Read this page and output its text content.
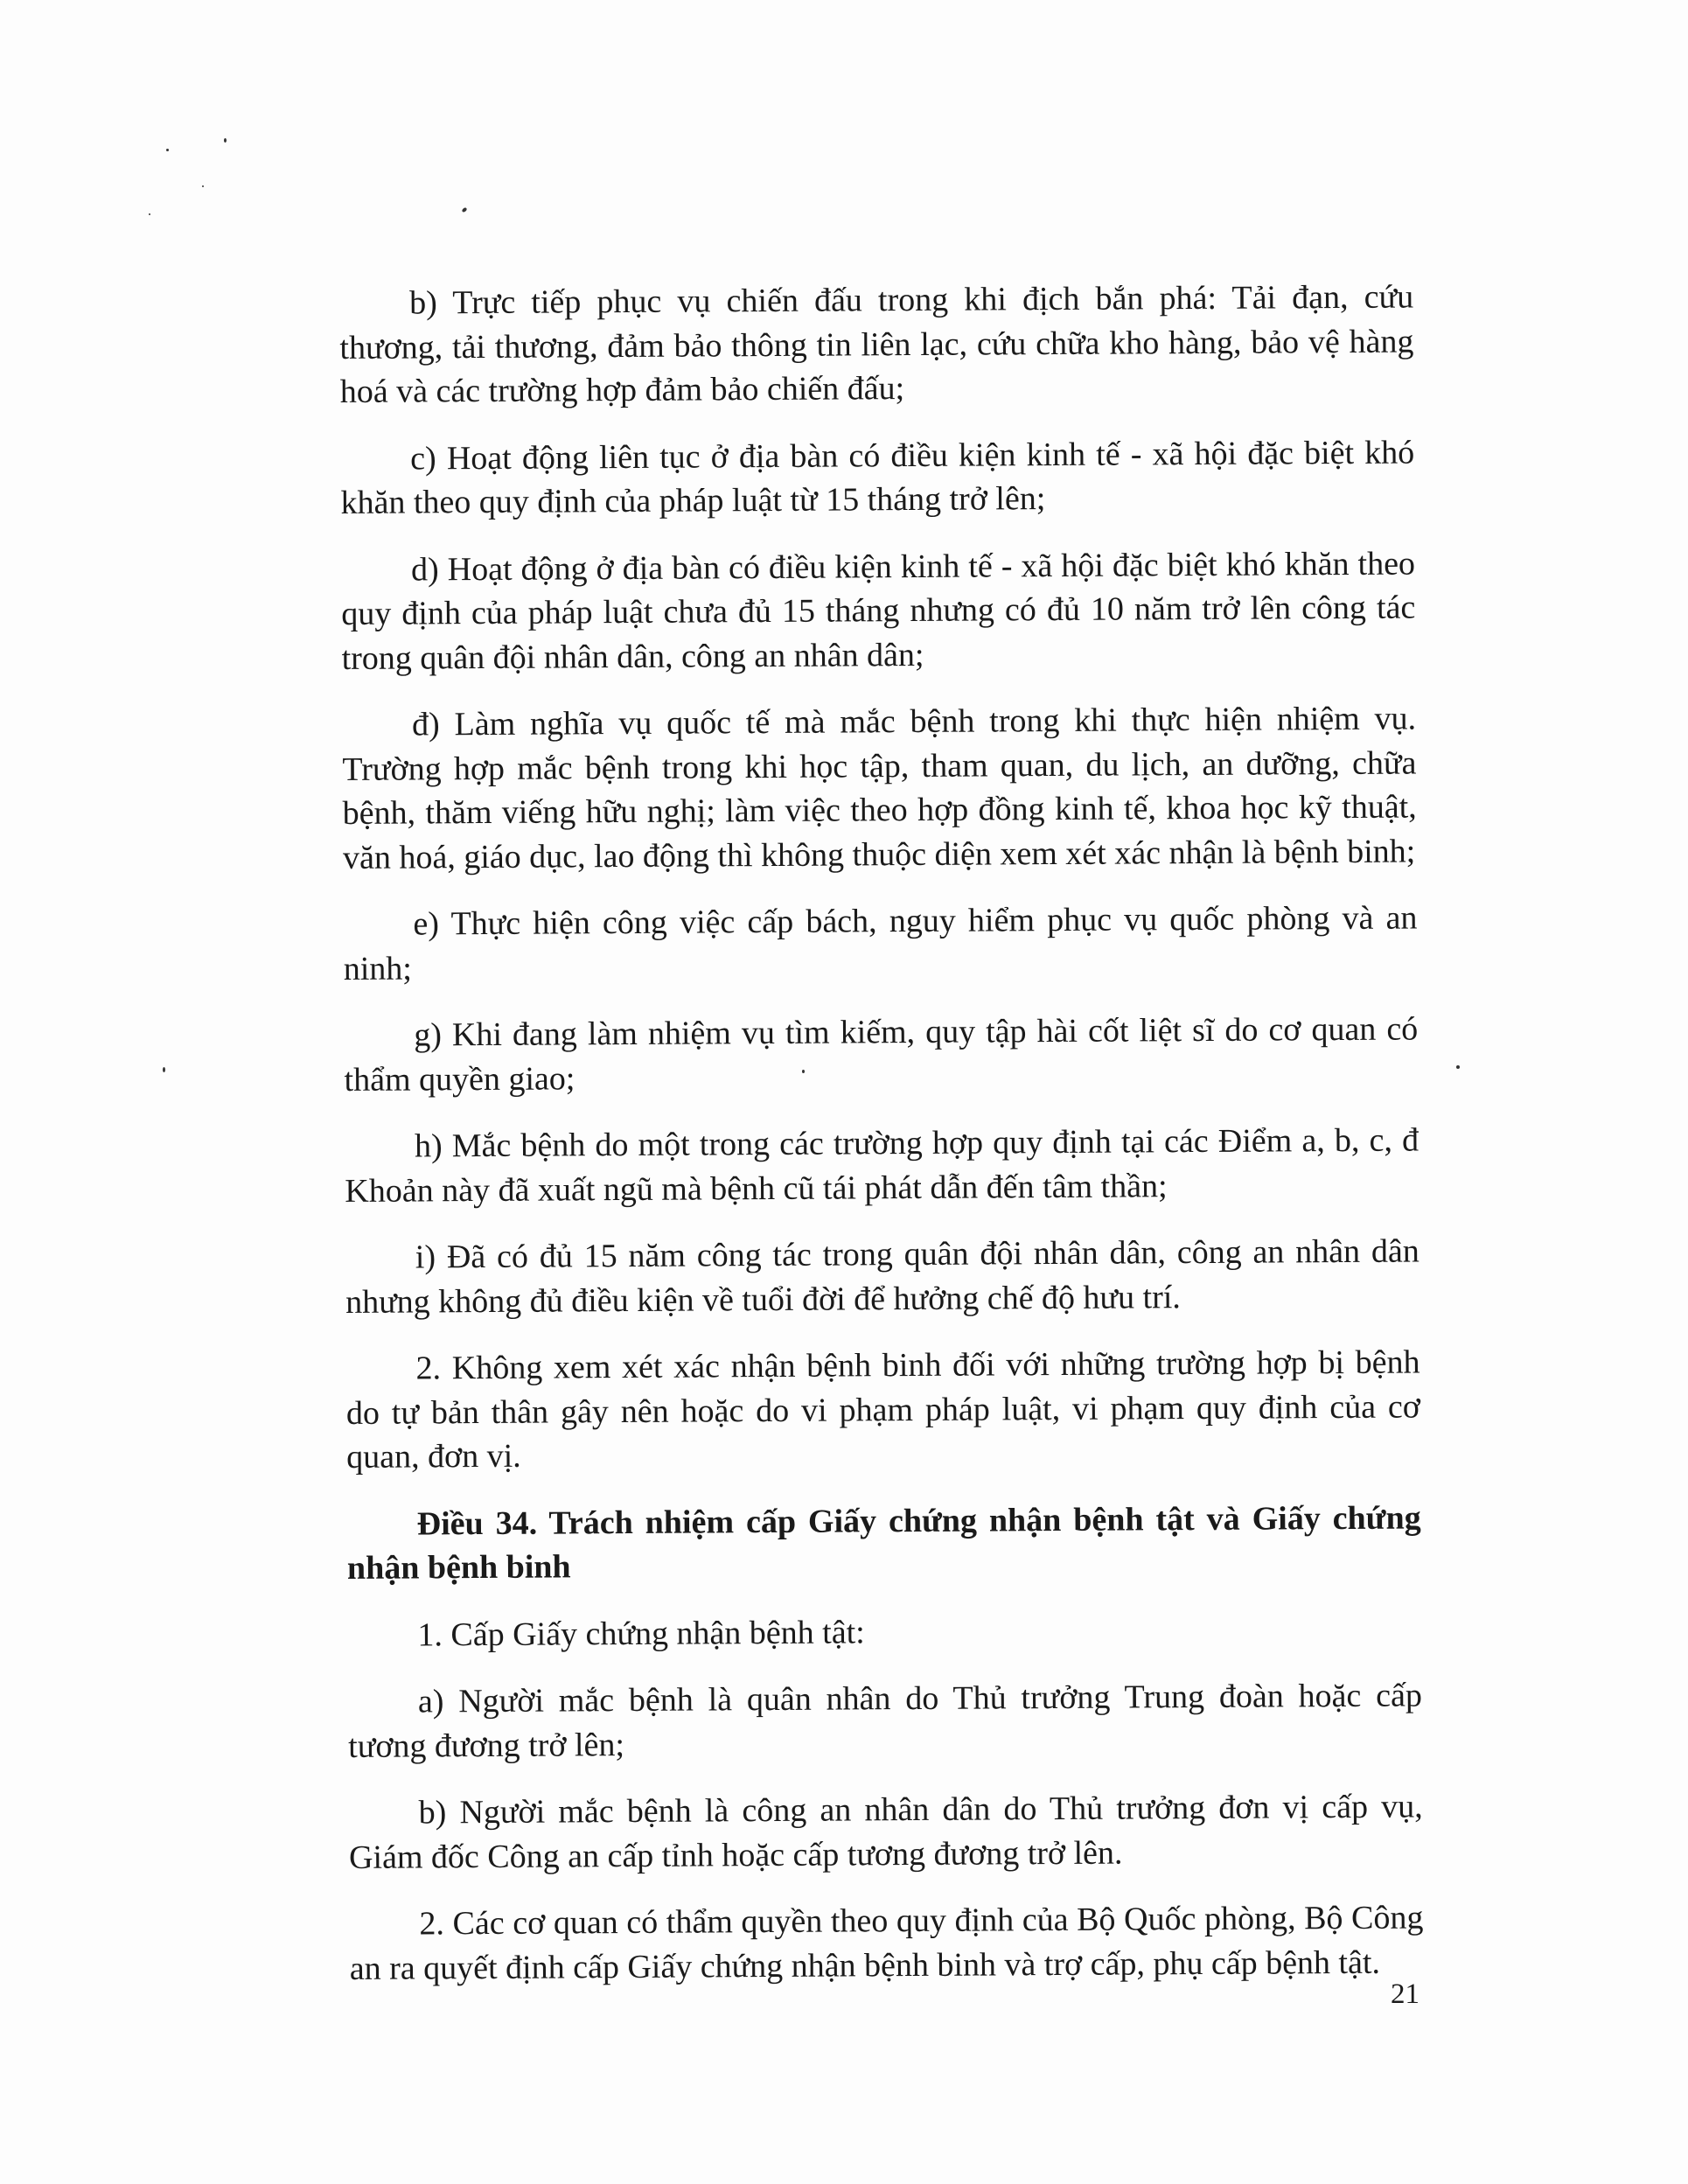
b) Trực tiếp phục vụ chiến đấu trong khi địch bắn phá: Tải đạn, cứu thương, tải thương, đảm bảo thông tin liên lạc, cứu chữa kho hàng, bảo vệ hàng hoá và các trường hợp đảm bảo chiến đấu;

c) Hoạt động liên tục ở địa bàn có điều kiện kinh tế - xã hội đặc biệt khó khăn theo quy định của pháp luật từ 15 tháng trở lên;

d) Hoạt động ở địa bàn có điều kiện kinh tế - xã hội đặc biệt khó khăn theo quy định của pháp luật chưa đủ 15 tháng nhưng có đủ 10 năm trở lên công tác trong quân đội nhân dân, công an nhân dân;

đ) Làm nghĩa vụ quốc tế mà mắc bệnh trong khi thực hiện nhiệm vụ. Trường hợp mắc bệnh trong khi học tập, tham quan, du lịch, an dưỡng, chữa bệnh, thăm viếng hữu nghị; làm việc theo hợp đồng kinh tế, khoa học kỹ thuật, văn hoá, giáo dục, lao động thì không thuộc diện xem xét xác nhận là bệnh binh;

e) Thực hiện công việc cấp bách, nguy hiểm phục vụ quốc phòng và an ninh;

g) Khi đang làm nhiệm vụ tìm kiếm, quy tập hài cốt liệt sĩ do cơ quan có thẩm quyền giao;

h) Mắc bệnh do một trong các trường hợp quy định tại các Điểm a, b, c, đ Khoản này đã xuất ngũ mà bệnh cũ tái phát dẫn đến tâm thần;

i) Đã có đủ 15 năm công tác trong quân đội nhân dân, công an nhân dân nhưng không đủ điều kiện về tuổi đời để hưởng chế độ hưu trí.

2. Không xem xét xác nhận bệnh binh đối với những trường hợp bị bệnh do tự bản thân gây nên hoặc do vi phạm pháp luật, vi phạm quy định của cơ quan, đơn vị.

Điều 34. Trách nhiệm cấp Giấy chứng nhận bệnh tật và Giấy chứng nhận bệnh binh

1. Cấp Giấy chứng nhận bệnh tật:

a) Người mắc bệnh là quân nhân do Thủ trưởng Trung đoàn hoặc cấp tương đương trở lên;

b) Người mắc bệnh là công an nhân dân do Thủ trưởng đơn vị cấp vụ, Giám đốc Công an cấp tỉnh hoặc cấp tương đương trở lên.

2. Các cơ quan có thẩm quyền theo quy định của Bộ Quốc phòng, Bộ Công an ra quyết định cấp Giấy chứng nhận bệnh binh và trợ cấp, phụ cấp bệnh tật.

21
